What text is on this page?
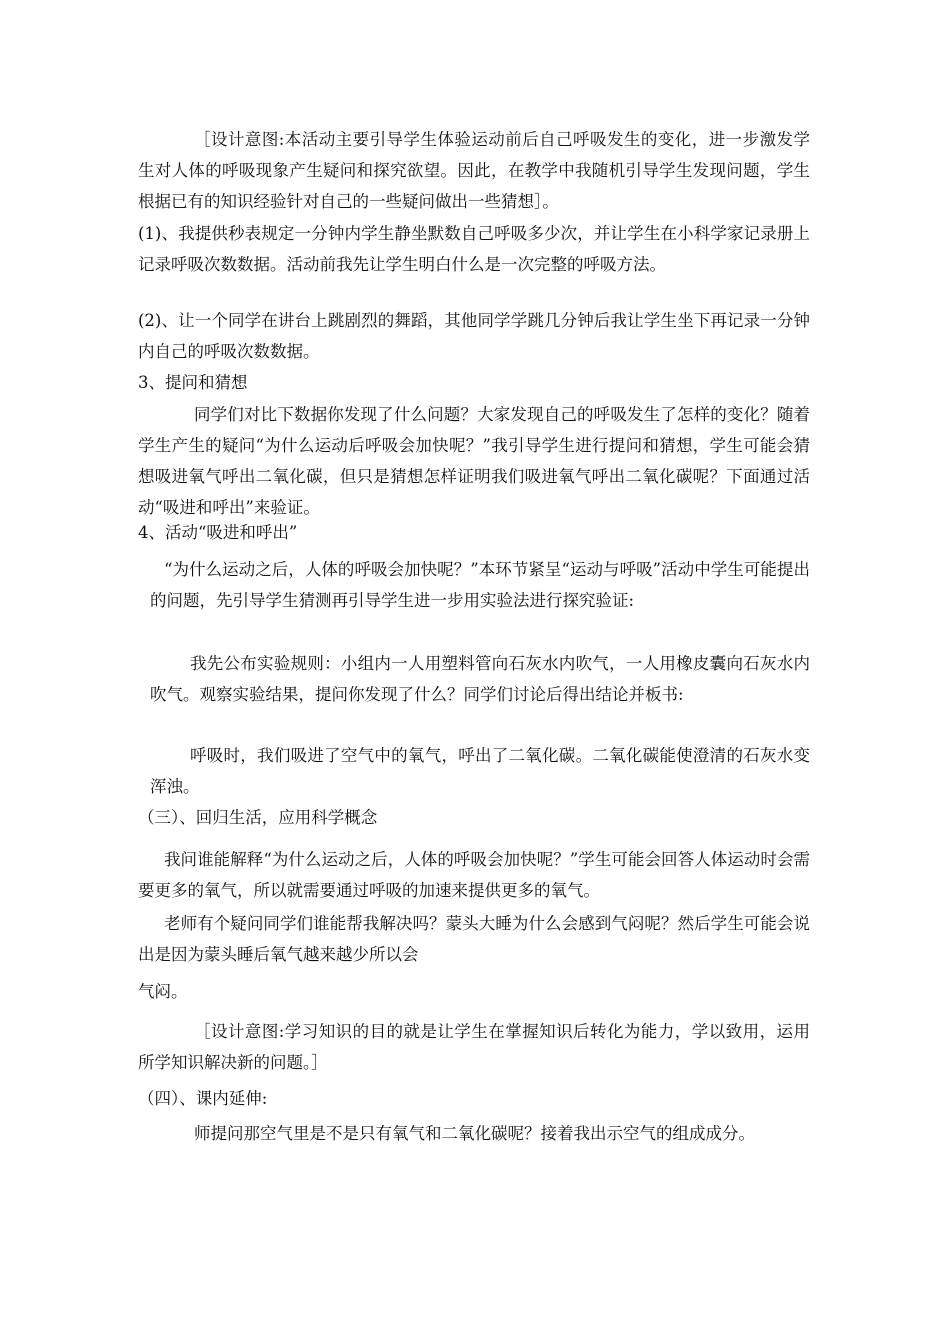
［设计意图:本活动主要引导学生体验运动前后自己呼吸发生的变化，进一步激发学生对人体的呼吸现象产生疑问和探究欲望。因此，在教学中我随机引导学生发现问题，学生根据已有的知识经验针对自己的一些疑问做出一些猜想］。

(1)、我提供秒表规定一分钟内学生静坐默数自己呼吸多少次，并让学生在小科学家记录册上记录呼吸次数数据。活动前我先让学生明白什么是一次完整的呼吸方法。

(2)、让一个同学在讲台上跳剧烈的舞蹈，其他同学学跳几分钟后我让学生坐下再记录一分钟内自己的呼吸次数数据。

3、提问和猜想

同学们对比下数据你发现了什么问题？大家发现自己的呼吸发生了怎样的变化？随着学生产生的疑问“为什么运动后呼吸会加快呢？”我引导学生进行提问和猜想，学生可能会猜想吸进氧气呼出二氧化碳，但只是猜想怎样证明我们吸进氧气呼出二氧化碳呢？下面通过活动“吸进和呼出”来验证。

4、活动“吸进和呼出”

“为什么运动之后，人体的呼吸会加快呢？”本环节紧呈“运动与呼吸”活动中学生可能提出的问题，先引导学生猜测再引导学生进一步用实验法进行探究验证:

我先公布实验规则：小组内一人用塑料管向石灰水内吹气，一人用橡皮囊向石灰水内吹气。观察实验结果，提问你发现了什么？同学们讨论后得出结论并板书:

呼吸时，我们吸进了空气中的氧气，呼出了二氧化碳。二氧化碳能使澄清的石灰水变浑浊。

（三）、回归生活，应用科学概念

我问谁能解释“为什么运动之后，人体的呼吸会加快呢？”学生可能会回答人体运动时会需要更多的氧气，所以就需要通过呼吸的加速来提供更多的氧气。

老师有个疑问同学们谁能帮我解决吗？蒙头大睡为什么会感到气闷呢？然后学生可能会说出是因为蒙头睡后氧气越来越少所以会

气闷。

［设计意图:学习知识的目的就是让学生在掌握知识后转化为能力，学以致用，运用所学知识解决新的问题。］

（四）、课内延伸:

师提问那空气里是不是只有氧气和二氧化碳呢？接着我出示空气的组成成分。
